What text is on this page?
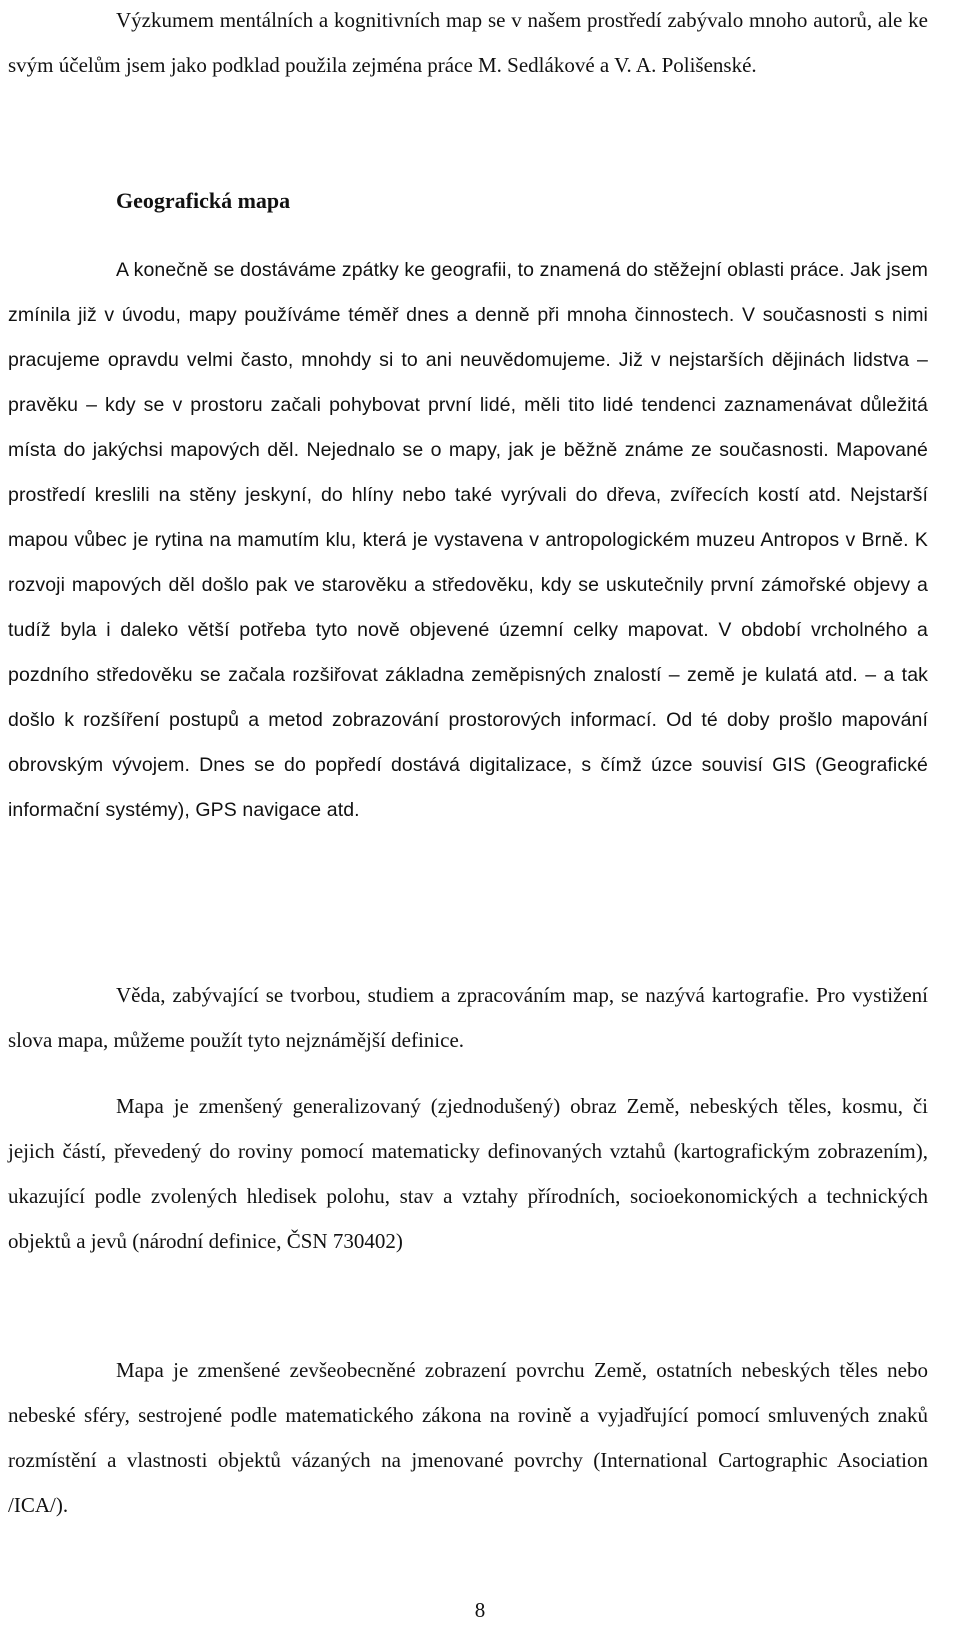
Výzkumem mentálních a kognitivních map se v našem prostředí zabývalo mnoho autorů, ale ke svým účelům jsem jako podklad použila zejména práce M. Sedlákové a V. A. Polišenské.

Geografická mapa

A konečně se dostáváme zpátky ke geografii, to znamená do stěžejní oblasti práce. Jak jsem zmínila již v úvodu, mapy používáme téměř dnes a denně při mnoha činnostech. V současnosti s nimi pracujeme opravdu velmi často, mnohdy si to ani neuvědomujeme. Již v nejstarších dějinách lidstva – pravěku – kdy se v prostoru začali pohybovat první lidé, měli tito lidé tendenci zaznamenávat důležitá místa do jakýchsi mapových děl. Nejednalo se o mapy, jak je běžně známe ze současnosti. Mapované prostředí kreslili na stěny jeskyní, do hlíny nebo také vyrývali do dřeva, zvířecích kostí atd. Nejstarší mapou vůbec je rytina na mamutím klu, která je vystavena v antropologickém muzeu Antropos v Brně. K rozvoji mapových děl došlo pak ve starověku a středověku, kdy se uskutečnily první zámořské objevy a tudíž byla i daleko větší potřeba tyto nově objevené územní celky mapovat. V období vrcholného a pozdního středověku se začala rozšiřovat základna zeměpisných znalostí – země je kulatá atd. – a tak došlo k rozšíření postupů a metod zobrazování prostorových informací. Od té doby prošlo mapování obrovským vývojem. Dnes se do popředí dostává digitalizace, s čímž úzce souvisí GIS (Geografické informační systémy), GPS navigace atd.

Věda, zabývající se tvorbou, studiem a zpracováním map, se nazývá kartografie. Pro vystižení slova mapa, můžeme použít tyto nejznámější definice.

Mapa je zmenšený generalizovaný (zjednodušený) obraz Země, nebeských těles, kosmu, či jejich částí, převedený do roviny pomocí matematicky definovaných vztahů (kartografickým zobrazením), ukazující podle zvolených hledisek polohu, stav a vztahy přírodních, socioekonomických a technických objektů a jevů (národní definice, ČSN 730402)

Mapa je zmenšené zevšeobecněné zobrazení povrchu Země, ostatních nebeských těles nebo nebeské sféry, sestrojené podle matematického zákona na rovině a vyjadřující pomocí smluvených znaků rozmístění a vlastnosti objektů vázaných na jmenované povrchy (International Cartographic Asociation /ICA/).

8
